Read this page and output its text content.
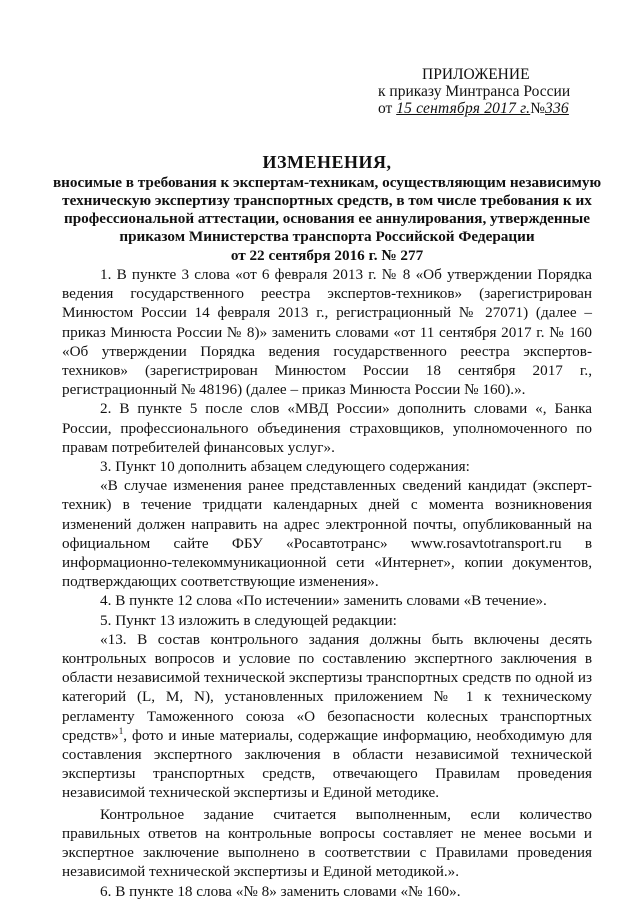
ПРИЛОЖЕНИЕ
к приказу Минтранса России
от 15 сентября 2017 г.№336
ИЗМЕНЕНИЯ,
вносимые в требования к экспертам-техникам, осуществляющим независимую техническую экспертизу транспортных средств, в том числе требования к их профессиональной аттестации, основания ее аннулирования, утвержденные приказом Министерства транспорта Российской Федерации
от 22 сентября 2016 г. № 277

1. В пункте 3 слова «от 6 февраля 2013 г. № 8 «Об утверждении Порядка ведения государственного реестра экспертов-техников» (зарегистрирован Минюстом России 14 февраля 2013 г., регистрационный № 27071) (далее – приказ Минюста России № 8)» заменить словами «от 11 сентября 2017 г. № 160 «Об утверждении Порядка ведения государственного реестра экспертов-техников» (зарегистрирован Минюстом России 18 сентября 2017 г., регистрационный № 48196) (далее – приказ Минюста России № 160).».

2. В пункте 5 после слов «МВД России» дополнить словами «, Банка России, профессионального объединения страховщиков, уполномоченного по правам потребителей финансовых услуг».

3. Пункт 10 дополнить абзацем следующего содержания:

«В случае изменения ранее представленных сведений кандидат (эксперт-техник) в течение тридцати календарных дней с момента возникновения изменений должен направить на адрес электронной почты, опубликованный на официальном сайте ФБУ «Росавтотранс» www.rosavtotransport.ru в информационно-телекоммуникационной сети «Интернет», копии документов, подтверждающих соответствующие изменения».

4. В пункте 12 слова «По истечении» заменить словами «В течение».

5. Пункт 13 изложить в следующей редакции:

«13. В состав контрольного задания должны быть включены десять контрольных вопросов и условие по составлению экспертного заключения в области независимой технической экспертизы транспортных средств по одной из категорий (L, M, N), установленных приложением № 1 к техническому регламенту Таможенного союза «О безопасности колесных транспортных средств»$^1$, фото и иные материалы, содержащие информацию, необходимую для составления экспертного заключения в области независимой технической экспертизы транспортных средств, отвечающего Правилам проведения независимой технической экспертизы и Единой методике.

Контрольное задание считается выполненным, если количество правильных ответов на контрольные вопросы составляет не менее восьми и экспертное заключение выполнено в соответствии с Правилами проведения независимой технической экспертизы и Единой методикой.».

6. В пункте 18 слова «№ 8» заменить словами «№ 160».
